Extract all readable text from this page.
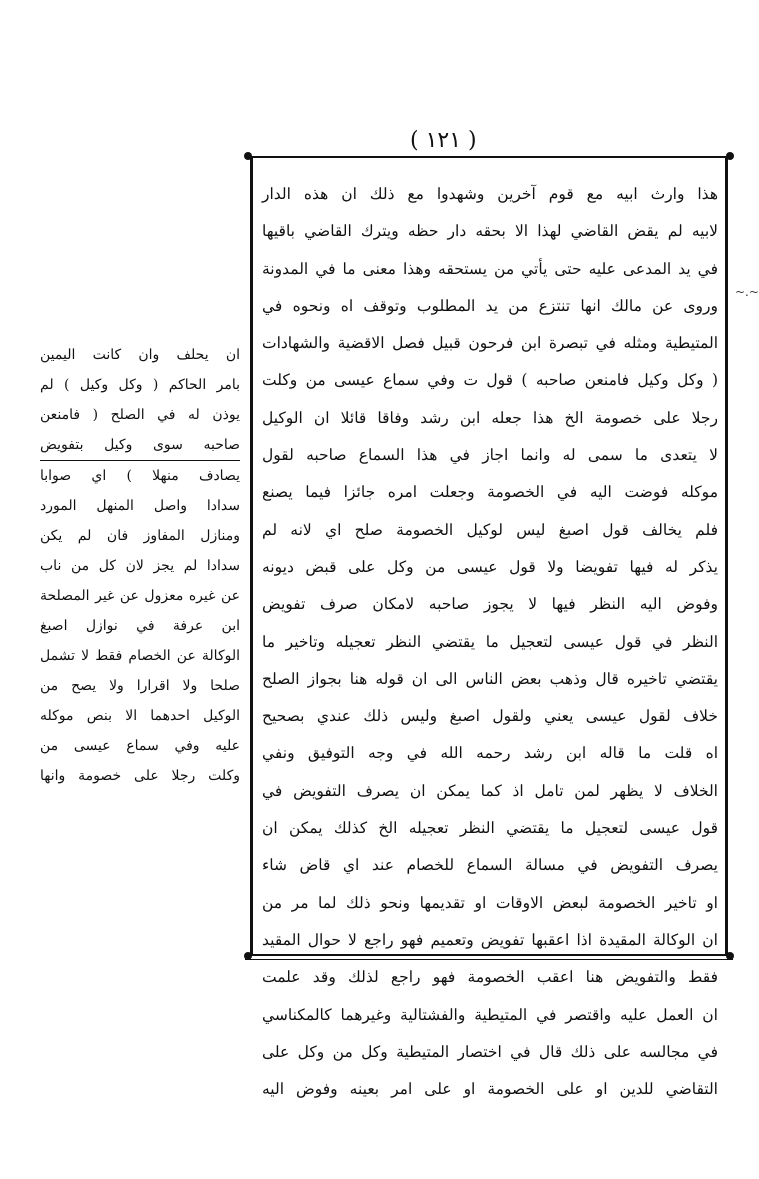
( ١٢١ )
هذا وارث ابيه مع قوم آخرين وشهدوا مع ذلك ان هذه الدار
لابيه لم يقض القاضي لهذا الا بحقه دار حظه ويترك القاضي باقيها
في يد المدعى عليه حتى يأتي من يستحقه وهذا معنى ما في المدونة
وروى عن مالك انها تنتزع من يد المطلوب وتوقف اه ونحوه في
المتيطية ومثله في تبصرة ابن فرحون قبيل فصل الاقضية والشهادات
( وكل وكيل فامنعن صاحبه ) قول ت وفي سماع عيسى من وكلت
رجلا على خصومة الخ هذا جعله ابن رشد وفاقا قائلا ان الوكيل
لا يتعدى ما سمى له وانما اجاز في هذا السماع صاحبه لقول
موكله فوضت اليه في الخصومة وجعلت امره جائزا فيما يصنع
فلم يخالف قول اصبغ ليس لوكيل الخصومة صلح اي لانه لم
يذكر له فيها تفويضا ولا قول عيسى من وكل على قبض ديونه
وفوض اليه النظر فيها لا يجوز صاحبه لامكان صرف تفويض
النظر في قول عيسى لتعجيل ما يقتضي النظر تعجيله وتاخير ما
يقتضي تاخيره قال وذهب بعض الناس الى ان قوله هنا بجواز الصلح
خلاف لقول عيسى يعني ولقول اصبغ وليس ذلك عندي بصحيح
اه قلت ما قاله ابن رشد رحمه الله في وجه التوفيق ونفي
الخلاف لا يظهر لمن تامل اذ كما يمكن ان يصرف التفويض في
قول عيسى لتعجيل ما يقتضي النظر تعجيله الخ كذلك يمكن ان
يصرف التفويض في مسالة السماع للخصام عند اي قاض شاء
او تاخير الخصومة لبعض الاوقات او تقديمها ونحو ذلك لما مر من
ان الوكالة المقيدة اذا اعقبها تفويض وتعميم فهو راجع لا حوال المقيد
فقط والتفويض هنا اعقب الخصومة فهو راجع لذلك وقد علمت
ان العمل عليه واقتصر في المتيطية والفشتالية وغيرهما كالمكناسي
في مجالسه على ذلك قال في اختصار المتيطية وكل من وكل على
التقاضي للدين او على الخصومة او على امر بعينه وفوض اليه
ان يحلف وان كانت اليمين
بامر الحاكم ( وكل وكيل ) لم
يوذن له في الصلح ( فامنعن
صاحبه سوى وكيل بتفويض
يصادف منهلا ) اي صوابا
سدادا واصل المنهل المورد
ومنازل المفاوز فان لم يكن
سدادا لم يجز لان كل من ناب
عن غيره معزول عن غير المصلحة
ابن عرفة في نوازل اصبغ
الوكالة عن الخصام فقط لا تشمل
صلحا ولا اقرارا ولا يصح من
الوكيل احدهما الا بنص موكله
عليه وفي سماع عيسى من
وكلت رجلا على خصومة وانها
~.~
